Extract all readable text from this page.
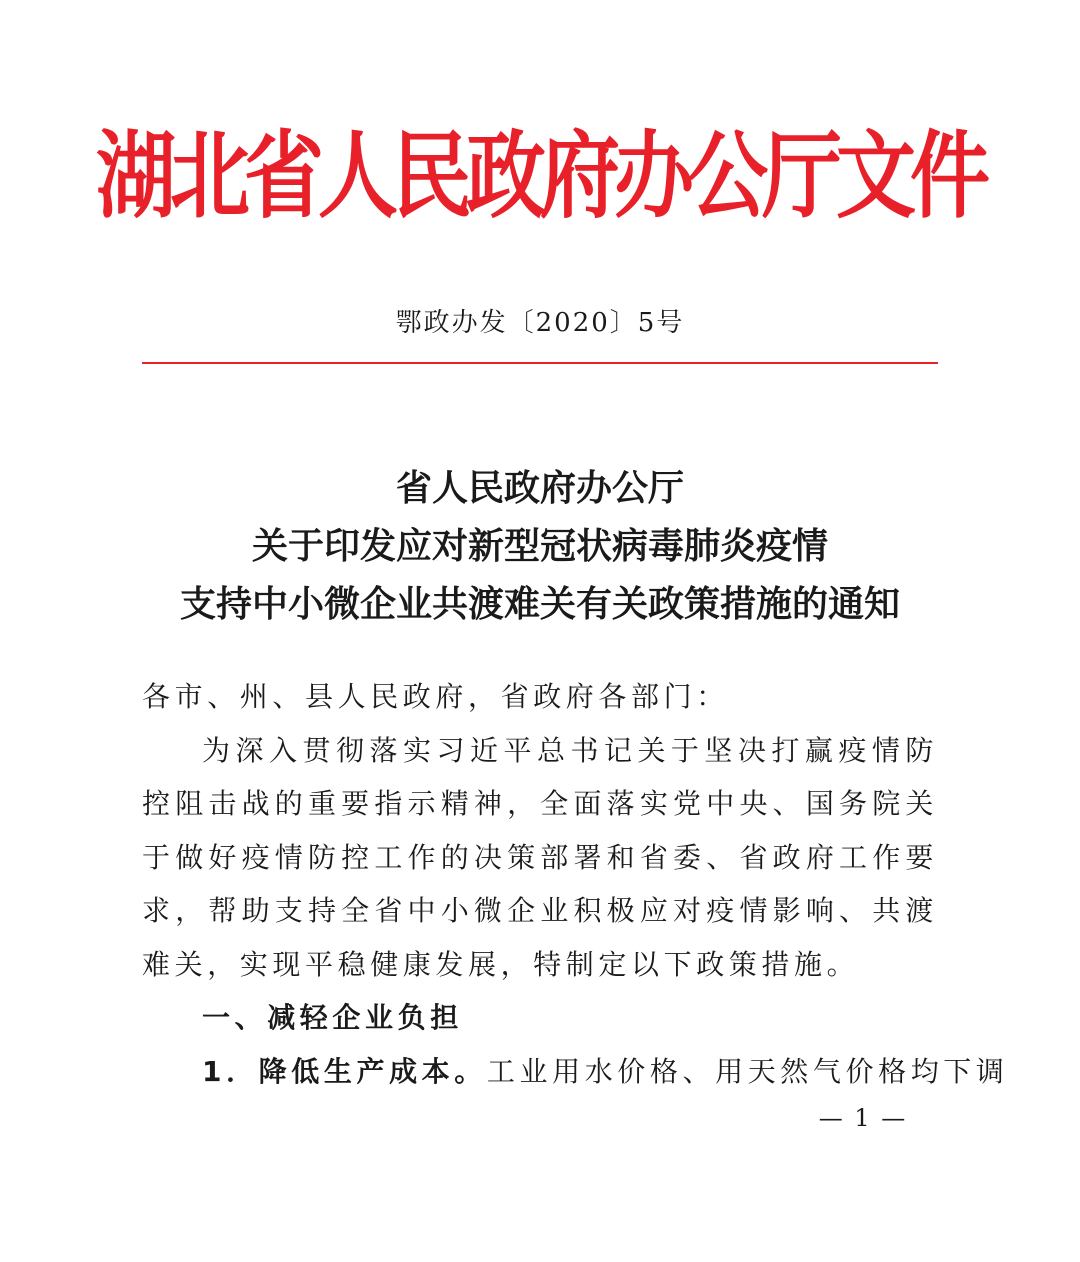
湖北省人民政府办公厅文件
鄂政办发〔2020〕5号
省人民政府办公厅
关于印发应对新型冠状病毒肺炎疫情
支持中小微企业共渡难关有关政策措施的通知

各市、州、县人民政府，省政府各部门：

为深入贯彻落实习近平总书记关于坚决打赢疫情防控阻击战的重要指示精神，全面落实党中央、国务院关于做好疫情防控工作的决策部署和省委、省政府工作要求，帮助支持全省中小微企业积极应对疫情影响、共渡难关，实现平稳健康发展，特制定以下政策措施。

一、减轻企业负担

1．降低生产成本。工业用水价格、用天然气价格均下调

— 1 —
